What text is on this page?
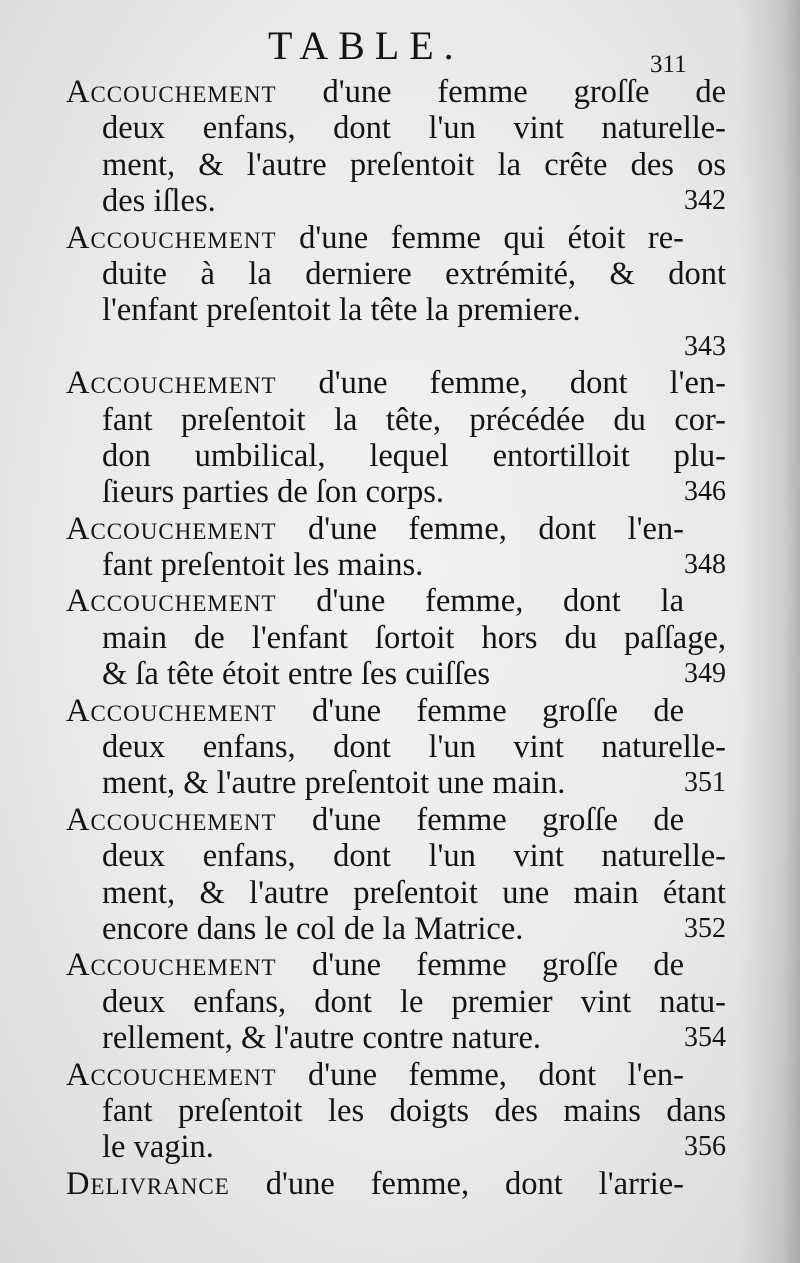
TABLE.	311
Accouchement d'une femme groſſe de
deux enfans, dont l'un vint naturelle-
ment, & l'autre preſentoit la crête des os
des iſles.	342
Accouchement d'une femme qui étoit re-
duite à la derniere extrémité, & dont
l'enfant preſentoit la tête la premiere.
343
Accouchement d'une femme, dont l'en-
fant preſentoit la tête, précédée du cor-
don umbilical, lequel entortilloit plu-
ſieurs parties de ſon corps.	346
Accouchement d'une femme, dont l'en-
fant preſentoit les mains.	348
Accouchement d'une femme, dont la
main de l'enfant ſortoit hors du paſſage,
& ſa tête étoit entre ſes cuiſſes	349
Accouchement d'une femme groſſe de
deux enfans, dont l'un vint naturelle-
ment, & l'autre preſentoit une main.	351
Accouchement d'une femme groſſe de
deux enfans, dont l'un vint naturelle-
ment, & l'autre preſentoit une main étant
encore dans le col de la Matrice.	352
Accouchement d'une femme groſſe de
deux enfans, dont le premier vint natu-
rellement, & l'autre contre nature.	354
Accouchement d'une femme, dont l'en-
fant preſentoit les doigts des mains dans
le vagin.	356
Delivrance d'une femme, dont l'arrie-
